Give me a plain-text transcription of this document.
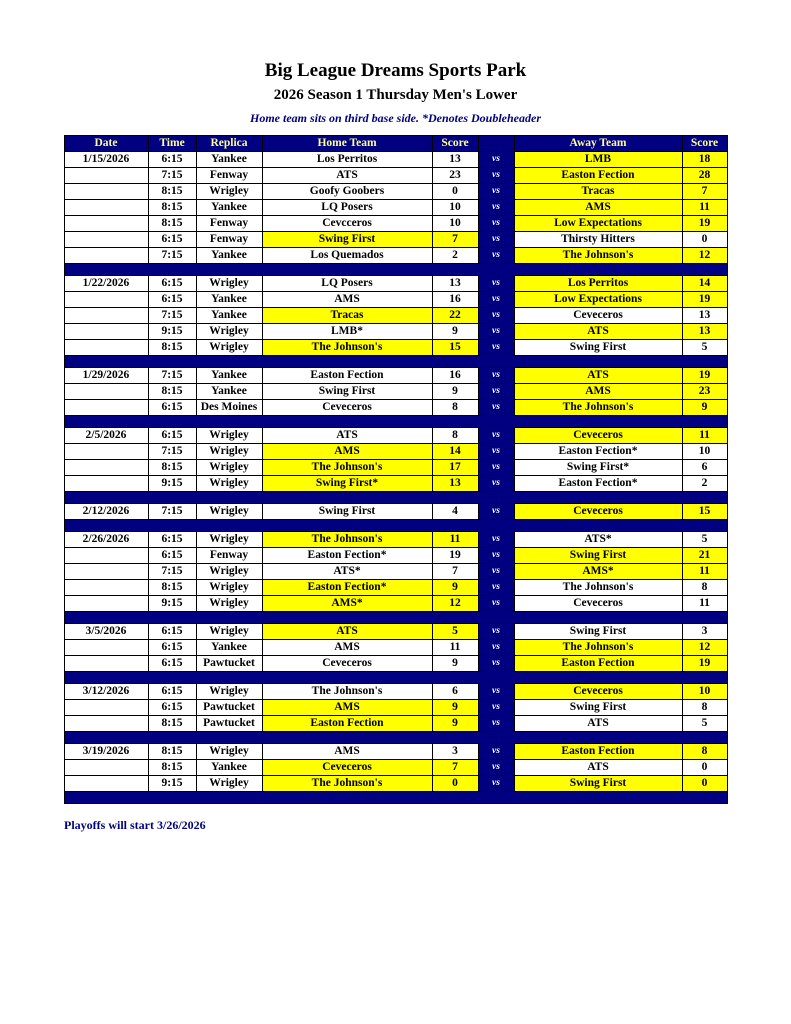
Big League Dreams Sports Park
2026 Season 1 Thursday Men's Lower
Home team sits on third base side. *Denotes Doubleheader
Date	Time	Replica	Home Team	Score		Away Team	Score
1/15/2026	6:15	Yankee	Los Perritos	13	vs	LMB	18
	7:15	Fenway	ATS	23	vs	Easton Fection	28
	8:15	Wrigley	Goofy Goobers	0	vs	Tracas	7
	8:15	Yankee	LQ Posers	10	vs	AMS	11
	8:15	Fenway	Cevcceros	10	vs	Low Expectations	19
	6:15	Fenway	Swing First	7	vs	Thirsty Hitters	0
	7:15	Yankee	Los Quemados	2	vs	The Johnson's	12

1/22/2026	6:15	Wrigley	LQ Posers	13	vs	Los Perritos	14
	6:15	Yankee	AMS	16	vs	Low Expectations	19
	7:15	Yankee	Tracas	22	vs	Ceveceros	13
	9:15	Wrigley	LMB*	9	vs	ATS	13
	8:15	Wrigley	The Johnson's	15	vs	Swing First	5

1/29/2026	7:15	Yankee	Easton Fection	16	vs	ATS	19
	8:15	Yankee	Swing First	9	vs	AMS	23
	6:15	Des Moines	Ceveceros	8	vs	The Johnson's	9

2/5/2026	6:15	Wrigley	ATS	8	vs	Ceveceros	11
	7:15	Wrigley	AMS	14	vs	Easton Fection*	10
	8:15	Wrigley	The Johnson's	17	vs	Swing First*	6
	9:15	Wrigley	Swing First*	13	vs	Easton Fection*	2

2/12/2026	7:15	Wrigley	Swing First	4	vs	Ceveceros	15

2/26/2026	6:15	Wrigley	The Johnson's	11	vs	ATS*	5
	6:15	Fenway	Easton Fection*	19	vs	Swing First	21
	7:15	Wrigley	ATS*	7	vs	AMS*	11
	8:15	Wrigley	Easton Fection*	9	vs	The Johnson's	8
	9:15	Wrigley	AMS*	12	vs	Ceveceros	11

3/5/2026	6:15	Wrigley	ATS	5	vs	Swing First	3
	6:15	Yankee	AMS	11	vs	The Johnson's	12
	6:15	Pawtucket	Ceveceros	9	vs	Easton Fection	19

3/12/2026	6:15	Wrigley	The Johnson's	6	vs	Ceveceros	10
	6:15	Pawtucket	AMS	9	vs	Swing First	8
	8:15	Pawtucket	Easton Fection	9	vs	ATS	5

3/19/2026	8:15	Wrigley	AMS	3	vs	Easton Fection	8
	8:15	Yankee	Ceveceros	7	vs	ATS	0
	9:15	Wrigley	The Johnson's	0	vs	Swing First	0

Playoffs will start 3/26/2026
